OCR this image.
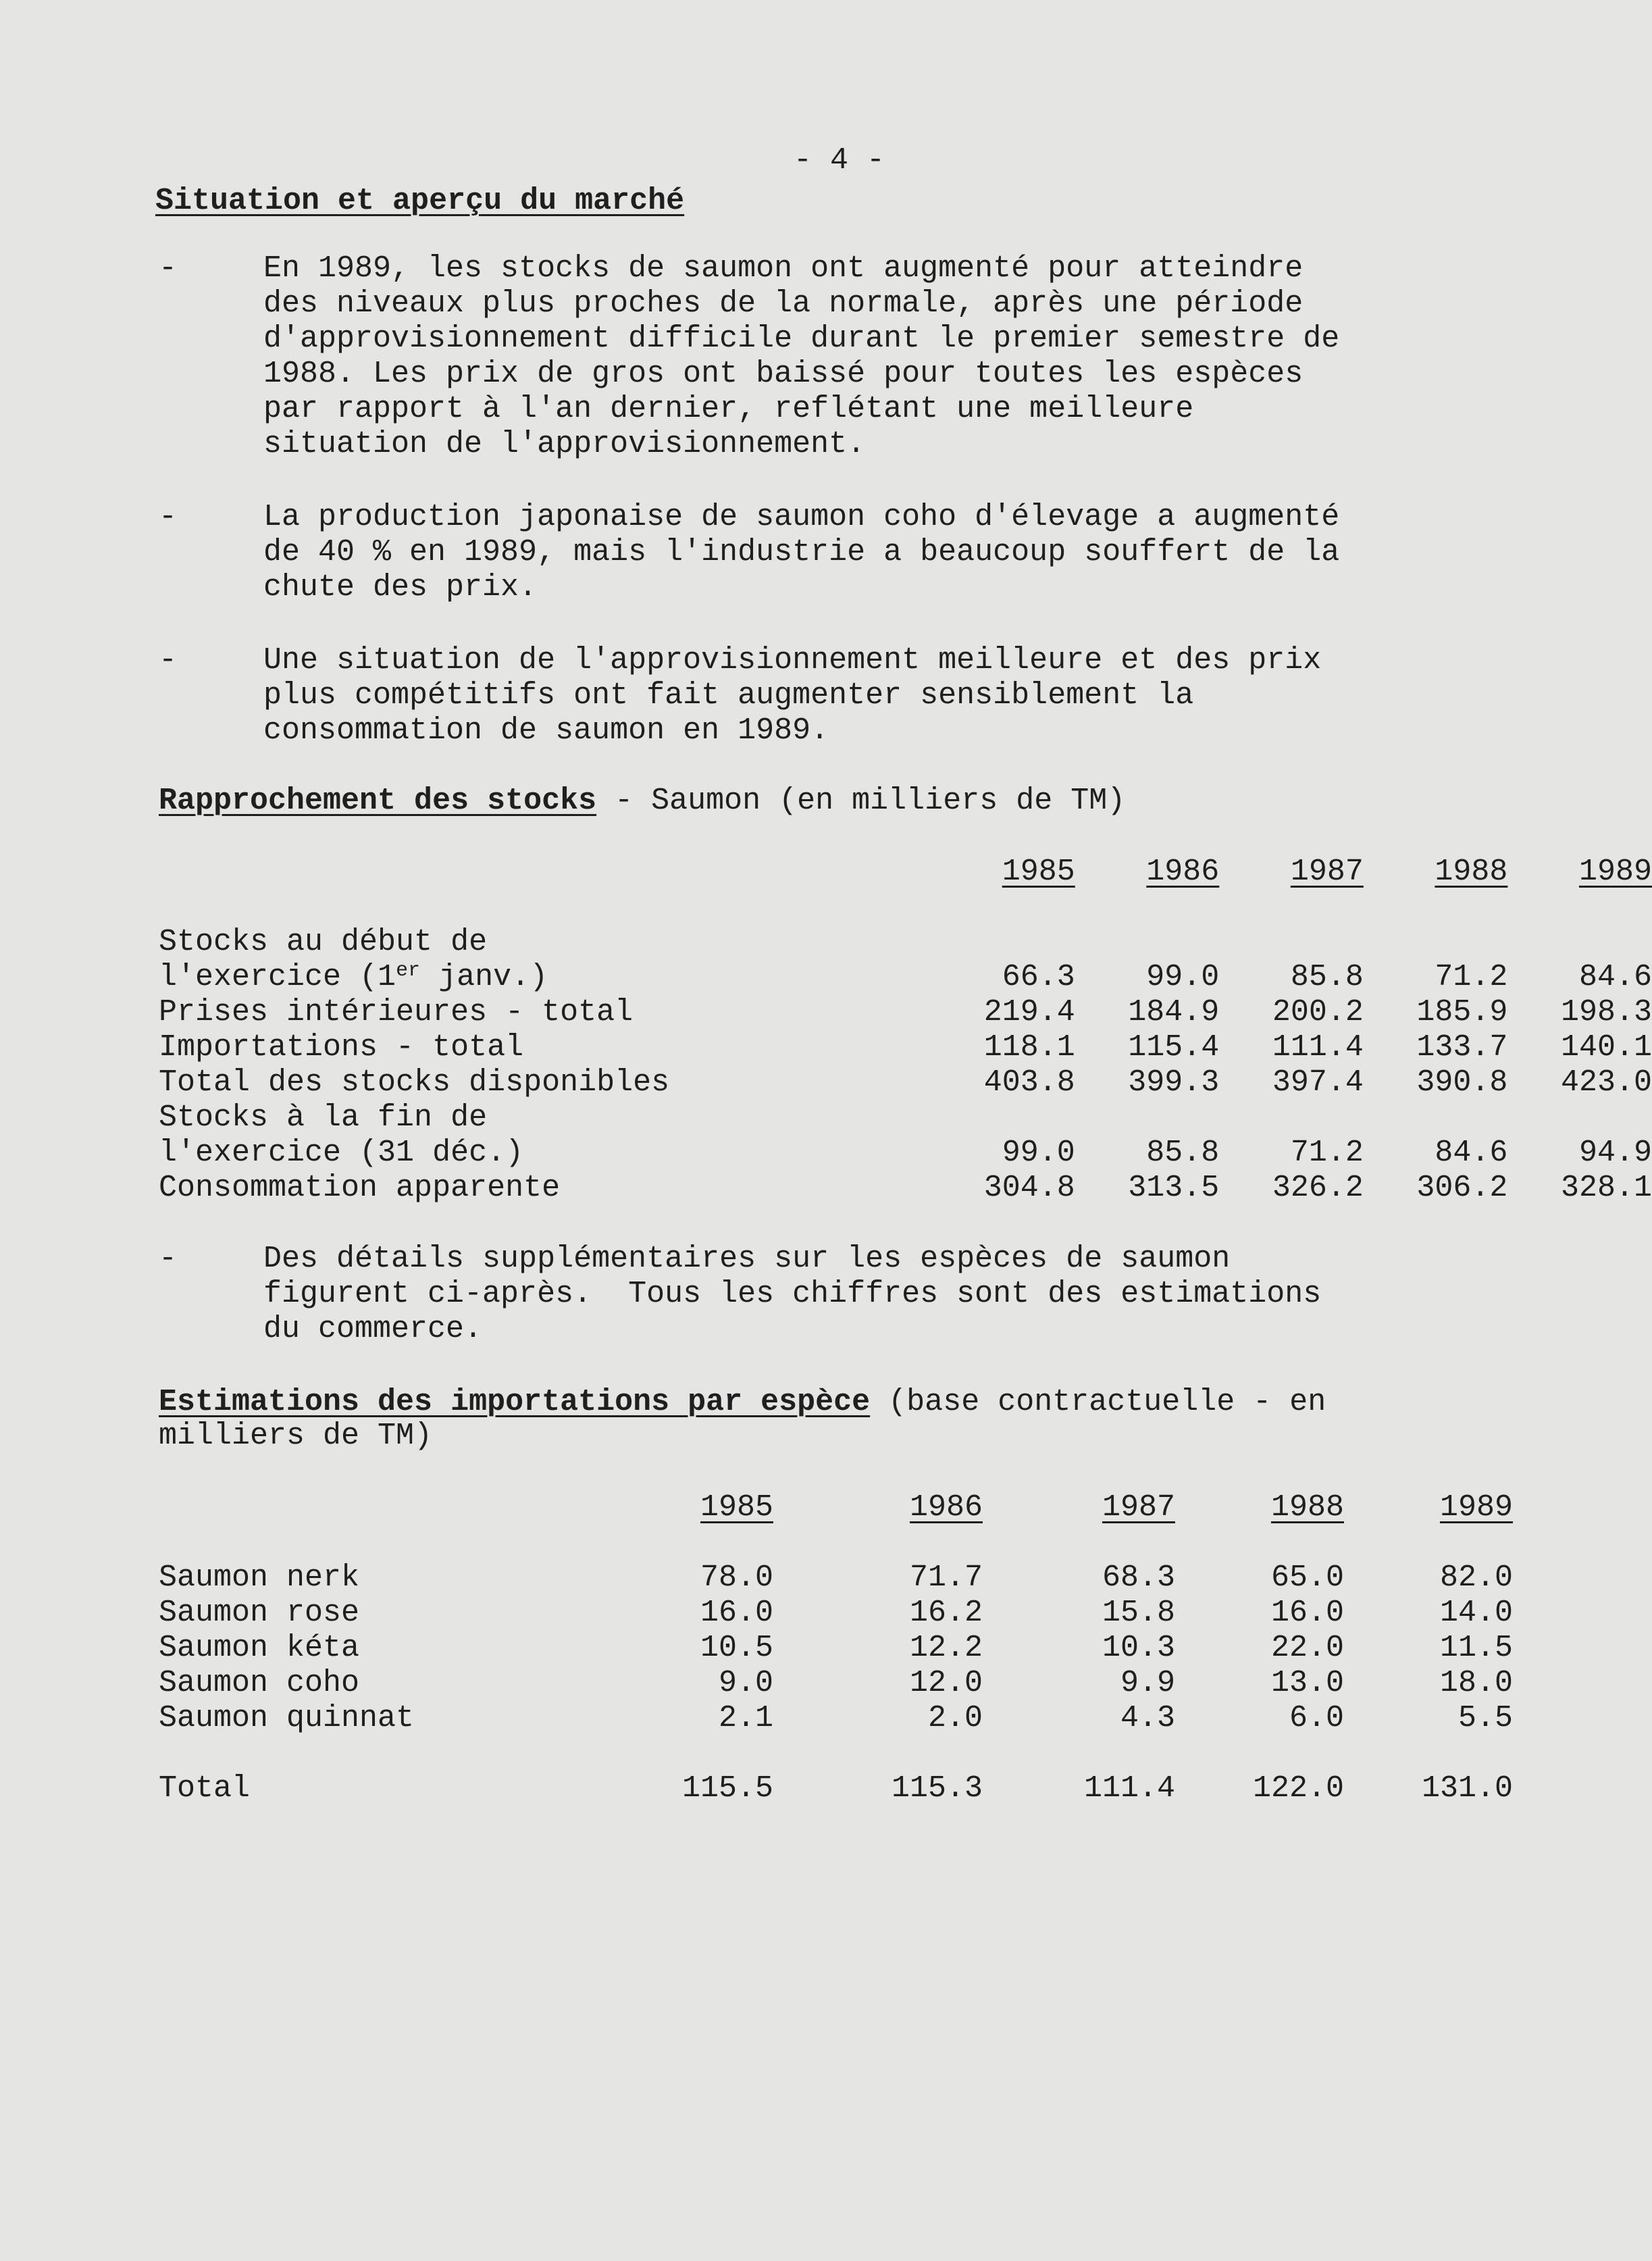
- 4 -
Situation et aperçu du marché
-	En 1989, les stocks de saumon ont augmenté pour atteindre
des niveaux plus proches de la normale, après une période
d'approvisionnement difficile durant le premier semestre de
1988. Les prix de gros ont baissé pour toutes les espèces
par rapport à l'an dernier, reflétant une meilleure
situation de l'approvisionnement.
-	La production japonaise de saumon coho d'élevage a augmenté
de 40 % en 1989, mais l'industrie a beaucoup souffert de la
chute des prix.
-	Une situation de l'approvisionnement meilleure et des prix
plus compétitifs ont fait augmenter sensiblement la
consommation de saumon en 1989.
Rapprochement des stocks - Saumon (en milliers de TM)
	1985	1986	1987	1988	1989

Stocks au début de					
l'exercice (1er janv.)	66.3	99.0	85.8	71.2	84.6
Prises intérieures - total	219.4	184.9	200.2	185.9	198.3
Importations - total	118.1	115.4	111.4	133.7	140.1
Total des stocks disponibles	403.8	399.3	397.4	390.8	423.0
Stocks à la fin de					
l'exercice (31 déc.)	99.0	85.8	71.2	84.6	94.9
Consommation apparente	304.8	313.5	326.2	306.2	328.1
-	Des détails supplémentaires sur les espèces de saumon
figurent ci-après.  Tous les chiffres sont des estimations
du commerce.
Estimations des importations par espèce (base contractuelle - en
milliers de TM)
	1985	1986	1987	1988	1989

Saumon nerk	78.0	71.7	68.3	65.0	82.0
Saumon rose	16.0	16.2	15.8	16.0	14.0
Saumon kéta	10.5	12.2	10.3	22.0	11.5
Saumon coho	9.0	12.0	9.9	13.0	18.0
Saumon quinnat	2.1	2.0	4.3	6.0	5.5

Total	115.5	115.3	111.4	122.0	131.0
